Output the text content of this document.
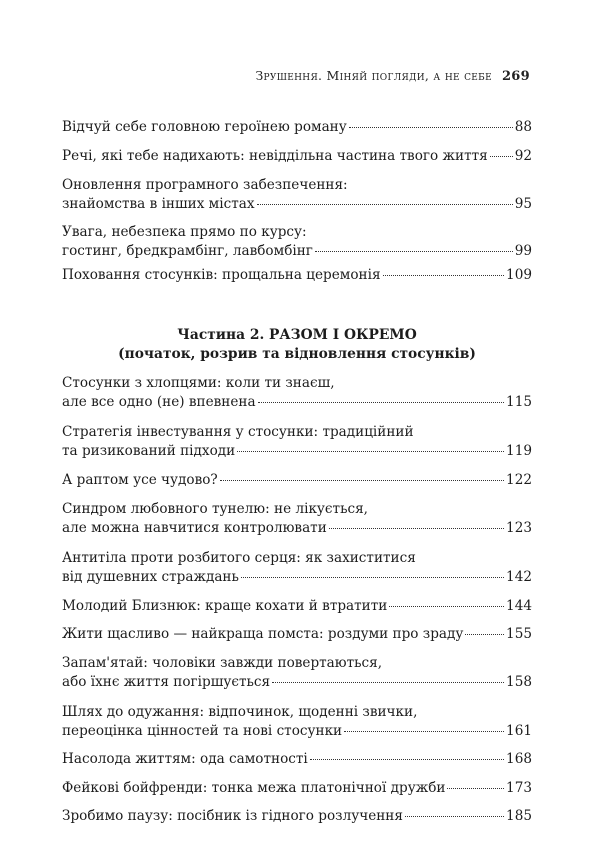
Зрушення. Міняй погляди, а не себе 269
Відчуй себе головною героїнею роману	88
Речі, які тебе надихають: невіддільна частина твого життя 92
Оновлення програмного забезпечення:
знайомства в інших містах	95
Увага, небезпека прямо по курсу:
гостинг, бредкрамбінг, лавбомбінг	99
Поховання стосунків: прощальна церемонія	109
Частина 2. РАЗОМ І ОКРЕМО
(початок, розрив та відновлення стосунків)
Стосунки з хлопцями: коли ти знаєш,
але все одно (не) впевнена	115
Стратегія інвестування у стосунки: традиційний
та ризикований підходи	119
А раптом усе чудово?	122
Синдром любовного тунелю: не лікується,
але можна навчитися контролювати	123
Антитіла проти розбитого серця: як захиститися
від душевних страждань	142
Молодий Близнюк: краще кохати й втратити	144
Жити щасливо — найкраща помста: роздуми про зраду	155
Запам'ятай: чоловіки завжди повертаються,
або їхнє життя погіршується	158
Шлях до одужання: відпочинок, щоденні звички,
переоцінка цінностей та нові стосунки	161
Насолода життям: ода самотності	168
Фейкові бойфренди: тонка межа платонічної дружби	173
Зробимо паузу: посібник із гідного розлучення	185
